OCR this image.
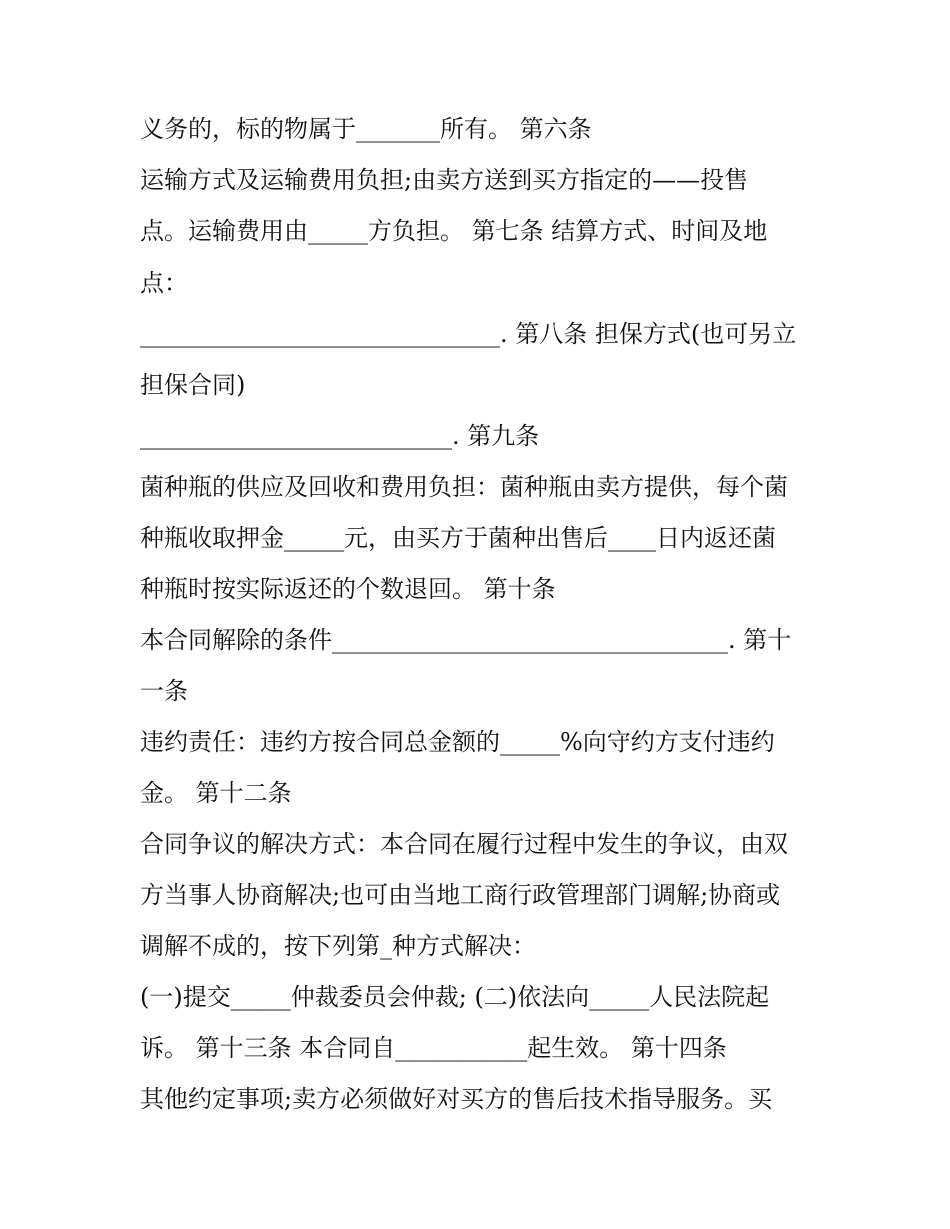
义务的，标的物属于_______所有。 第六条
运输方式及运输费用负担;由卖方送到买方指定的——投售
点。运输费用由_____方负担。 第七条 结算方式、时间及地
点：
______________________________. 第八条 担保方式(也可另立
担保合同)
__________________________. 第九条
菌种瓶的供应及回收和费用负担：菌种瓶由卖方提供，每个菌
种瓶收取押金_____元，由买方于菌种出售后____日内返还菌
种瓶时按实际返还的个数退回。 第十条
本合同解除的条件_________________________________. 第十
一条
违约责任：违约方按合同总金额的_____%向守约方支付违约
金。 第十二条
合同争议的解决方式：本合同在履行过程中发生的争议，由双
方当事人协商解决;也可由当地工商行政管理部门调解;协商或
调解不成的，按下列第_种方式解决：
(一)提交_____仲裁委员会仲裁; (二)依法向_____人民法院起
诉。 第十三条 本合同自___________起生效。 第十四条
其他约定事项;卖方必须做好对买方的售后技术指导服务。买
